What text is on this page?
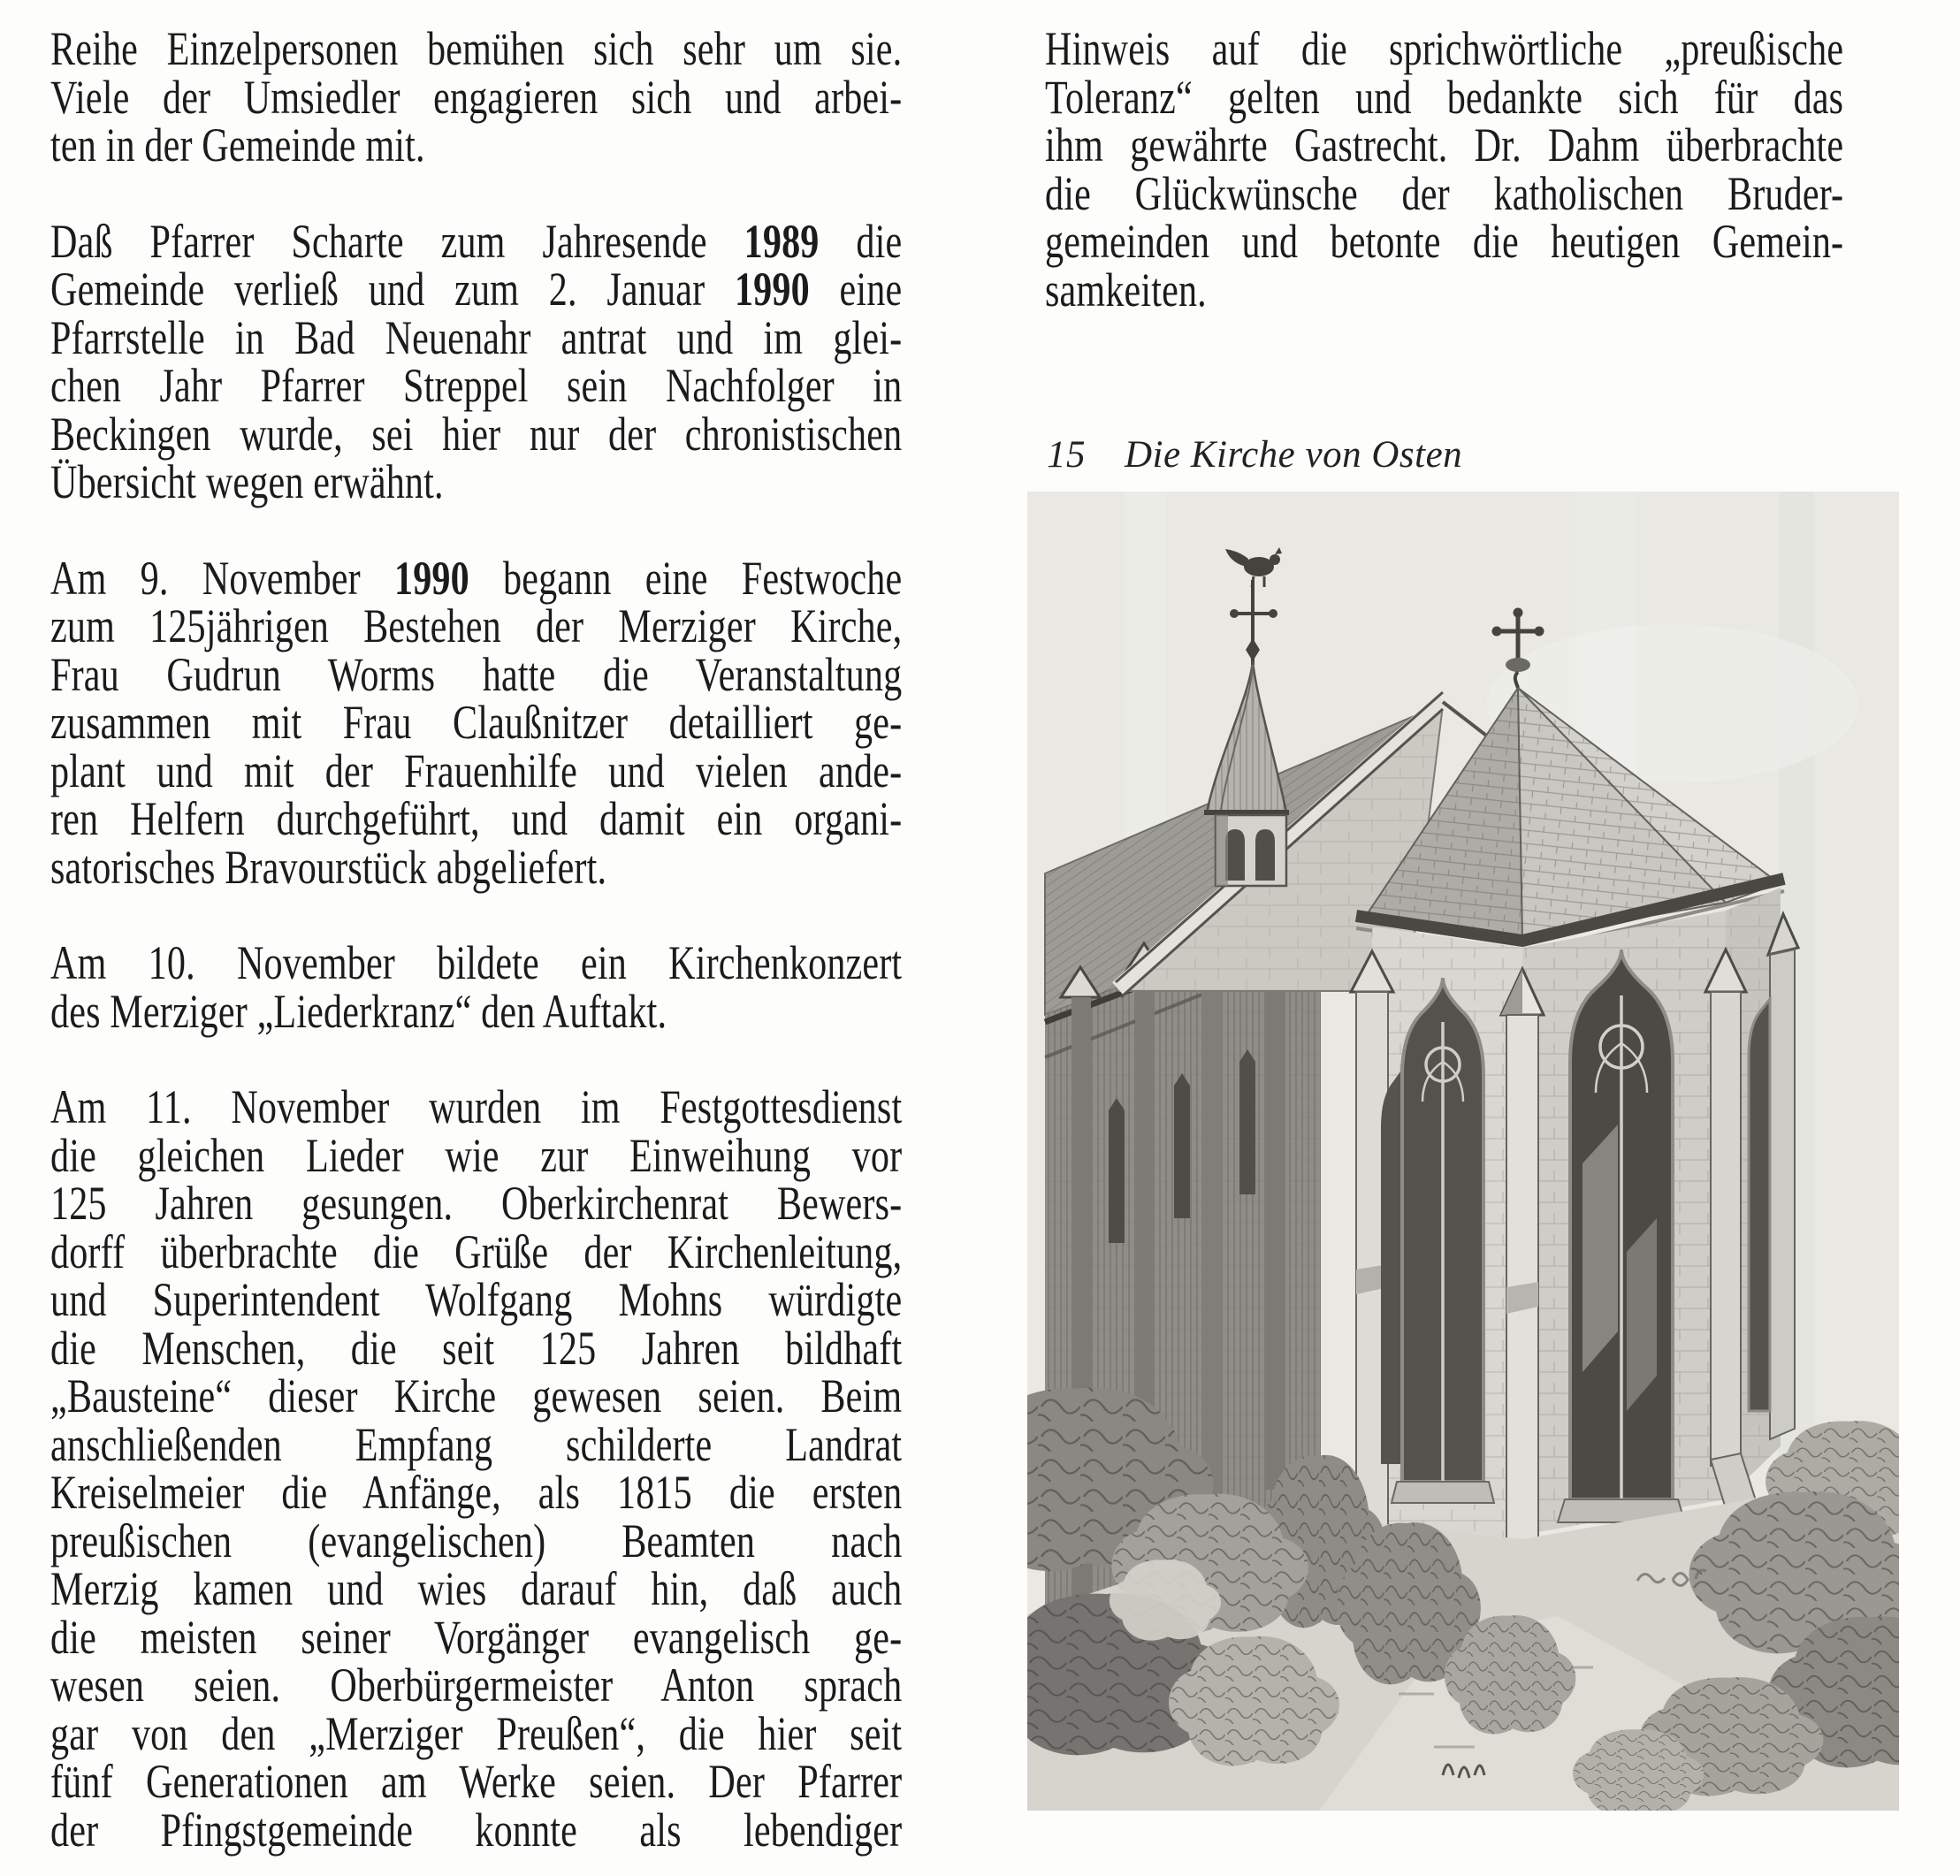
Reihe Einzelpersonen bemühen sich sehr um sie.
Viele der Umsiedler engagieren sich und arbei-
ten in der Gemeinde mit.
Daß Pfarrer Scharte zum Jahresende 1989 die
Gemeinde verließ und zum 2. Januar 1990 eine
Pfarrstelle in Bad Neuenahr antrat und im glei-
chen Jahr Pfarrer Streppel sein Nachfolger in
Beckingen wurde, sei hier nur der chronistischen
Übersicht wegen erwähnt.
Am 9. November 1990 begann eine Festwoche
zum 125jährigen Bestehen der Merziger Kirche,
Frau Gudrun Worms hatte die Veranstaltung
zusammen mit Frau Claußnitzer detailliert ge-
plant und mit der Frauenhilfe und vielen ande-
ren Helfern durchgeführt, und damit ein organi-
satorisches Bravourstück abgeliefert.
Am 10. November bildete ein Kirchenkonzert
des Merziger „Liederkranz“ den Auftakt.
Am 11. November wurden im Festgottesdienst
die gleichen Lieder wie zur Einweihung vor
125 Jahren gesungen. Oberkirchenrat Bewers-
dorff überbrachte die Grüße der Kirchenleitung,
und Superintendent Wolfgang Mohns würdigte
die Menschen, die seit 125 Jahren bildhaft
„Bausteine“ dieser Kirche gewesen seien. Beim
anschließenden Empfang schilderte Landrat
Kreiselmeier die Anfänge, als 1815 die ersten
preußischen (evangelischen) Beamten nach
Merzig kamen und wies darauf hin, daß auch
die meisten seiner Vorgänger evangelisch ge-
wesen seien. Oberbürgermeister Anton sprach
gar von den „Merziger Preußen“, die hier seit
fünf Generationen am Werke seien. Der Pfarrer
der Pfingstgemeinde konnte als lebendiger
Hinweis auf die sprichwörtliche „preußische
Toleranz“ gelten und bedankte sich für das
ihm gewährte Gastrecht. Dr. Dahm überbrachte
die Glückwünsche der katholischen Bruder-
gemeinden und betonte die heutigen Gemein-
samkeiten.
15 Die Kirche von Osten
